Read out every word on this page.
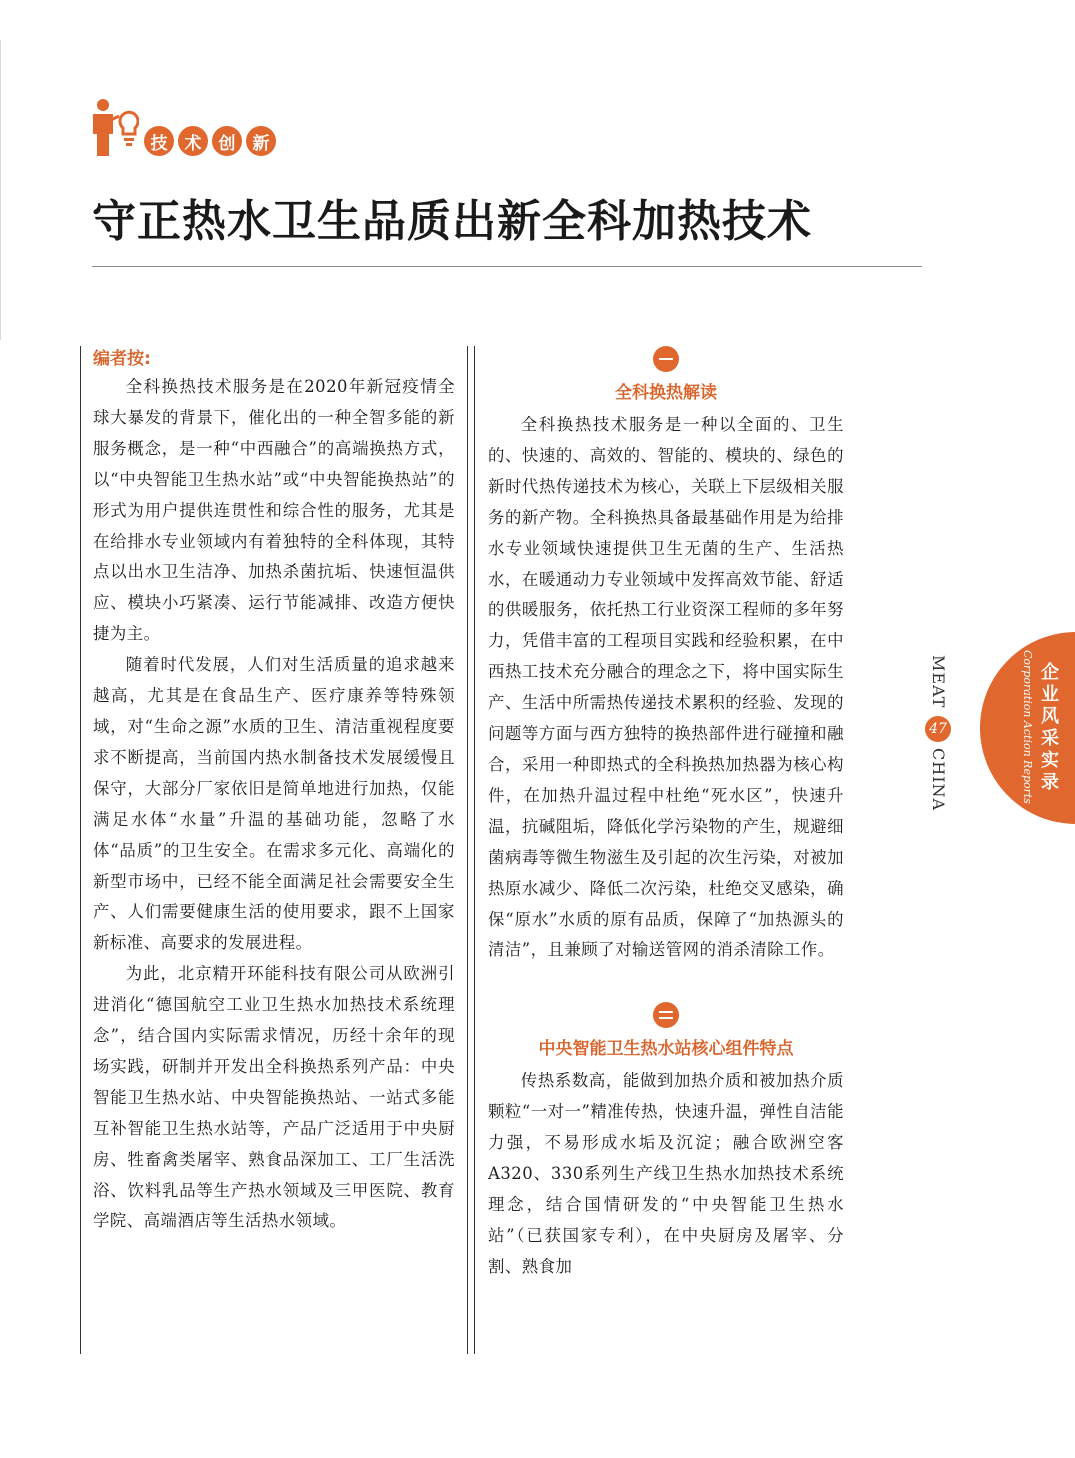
技	术	创	新
守正热水卫生品质出新全科加热技术

编者按:

全科换热技术服务是在2020年新冠疫情全球大暴发的背景下，催化出的一种全智多能的新服务概念，是一种“中西融合”的高端换热方式，以“中央智能卫生热水站”或“中央智能换热站”的形式为用户提供连贯性和综合性的服务，尤其是在给排水专业领域内有着独特的全科体现，其特点以出水卫生洁净、加热杀菌抗垢、快速恒温供应、模块小巧紧凑、运行节能减排、改造方便快捷为主。

随着时代发展，人们对生活质量的追求越来越高，尤其是在食品生产、医疗康养等特殊领域，对“生命之源”水质的卫生、清洁重视程度要求不断提高，当前国内热水制备技术发展缓慢且保守，大部分厂家依旧是简单地进行加热，仅能满足水体“水量”升温的基础功能，忽略了水体“品质”的卫生安全。在需求多元化、高端化的新型市场中，已经不能全面满足社会需要安全生产、人们需要健康生活的使用要求，跟不上国家新标准、高要求的发展进程。

为此，北京精开环能科技有限公司从欧洲引进消化“德国航空工业卫生热水加热技术系统理念”，结合国内实际需求情况，历经十余年的现场实践，研制并开发出全科换热系列产品：中央智能卫生热水站、中央智能换热站、一站式多能互补智能卫生热水站等，产品广泛适用于中央厨房、牲畜禽类屠宰、熟食品深加工、工厂生活洗浴、饮料乳品等生产热水领域及三甲医院、教育学院、高端酒店等生活热水领域。

全科换热解读

全科换热技术服务是一种以全面的、卫生的、快速的、高效的、智能的、模块的、绿色的新时代热传递技术为核心，关联上下层级相关服务的新产物。全科换热具备最基础作用是为给排水专业领域快速提供卫生无菌的生产、生活热水，在暖通动力专业领域中发挥高效节能、舒适的供暖服务，依托热工行业资深工程师的多年努力，凭借丰富的工程项目实践和经验积累，在中西热工技术充分融合的理念之下，将中国实际生产、生活中所需热传递技术累积的经验、发现的问题等方面与西方独特的换热部件进行碰撞和融合，采用一种即热式的全科换热加热器为核心构件，在加热升温过程中杜绝“死水区”，快速升温，抗碱阻垢，降低化学污染物的产生，规避细菌病毒等微生物滋生及引起的次生污染，对被加热原水减少、降低二次污染，杜绝交叉感染，确保“原水”水质的原有品质，保障了“加热源头的清洁”，且兼顾了对输送管网的消杀清除工作。

中央智能卫生热水站核心组件特点

传热系数高，能做到加热介质和被加热介质颗粒“一对一”精准传热，快速升温，弹性自洁能力强，不易形成水垢及沉淀；融合欧洲空客A320、330系列生产线卫生热水加热技术系统理念，结合国情研发的“中央智能卫生热水站”（已获国家专利），在中央厨房及屠宰、分割、熟食加

企业风采实录
Corporation Action Reports
MEAT
47
CHINA
